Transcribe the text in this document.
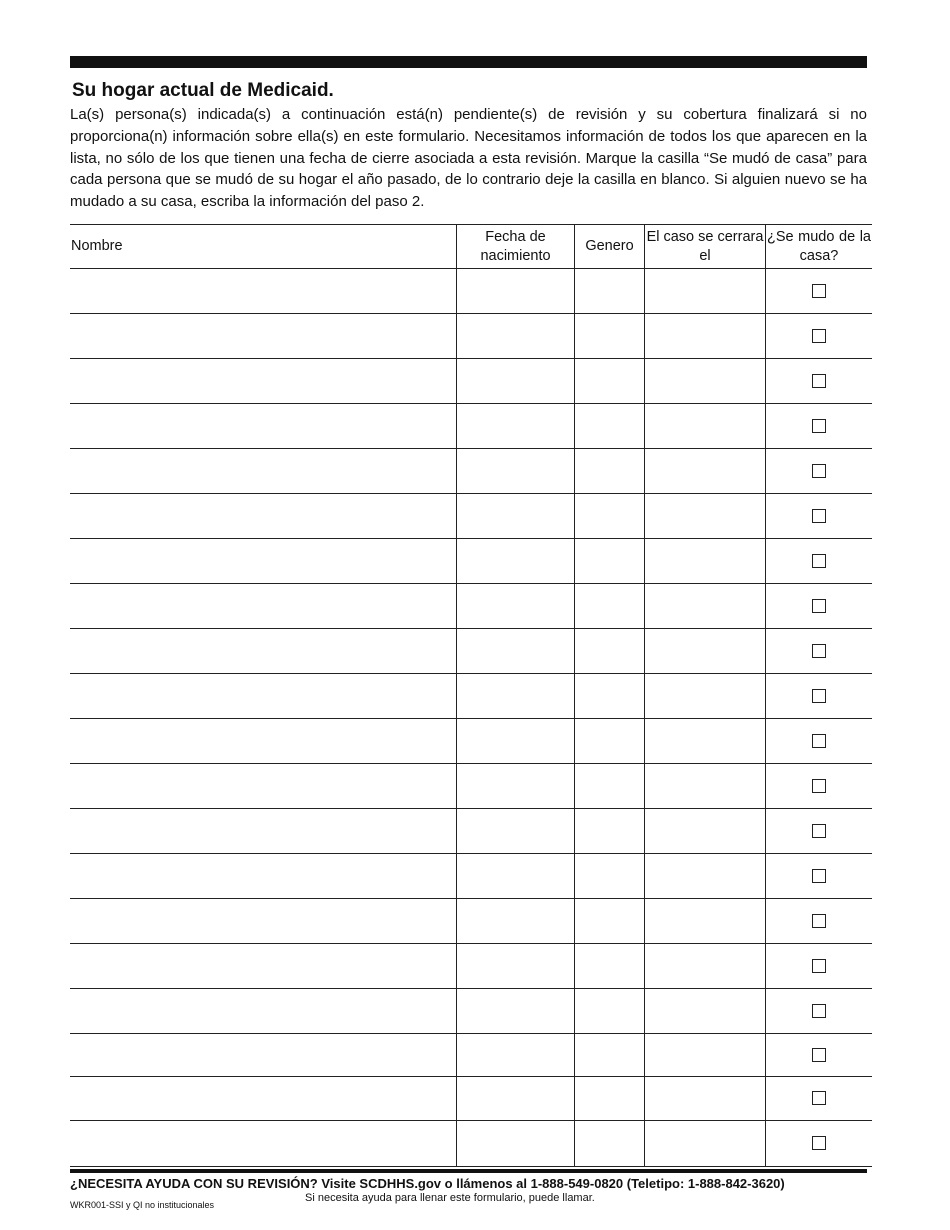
Su hogar actual de Medicaid.

La(s) persona(s) indicada(s) a continuación está(n) pendiente(s) de revisión y su cobertura finalizará si no proporciona(n) información sobre ella(s) en este formulario. Necesitamos información de todos los que aparecen en la lista, no sólo de los que tienen una fecha de cierre asociada a esta revisión. Marque la casilla “Se mudó de casa” para cada persona que se mudó de su hogar el año pasado, de lo contrario deje la casilla en blanco. Si alguien nuevo se ha mudado a su casa, escriba la información del paso 2.

Nombre	Fecha de nacimiento	Genero	El caso se cerrara el	¿Se mudo de la casa?

¿NECESITA AYUDA CON SU REVISIÓN? Visite SCDHHS.gov o llámenos al 1-888-549-0820 (Teletipo: 1-888-842-3620)
Si necesita ayuda para llenar este formulario, puede llamar.
WKR001-SSI y QI no institucionales
